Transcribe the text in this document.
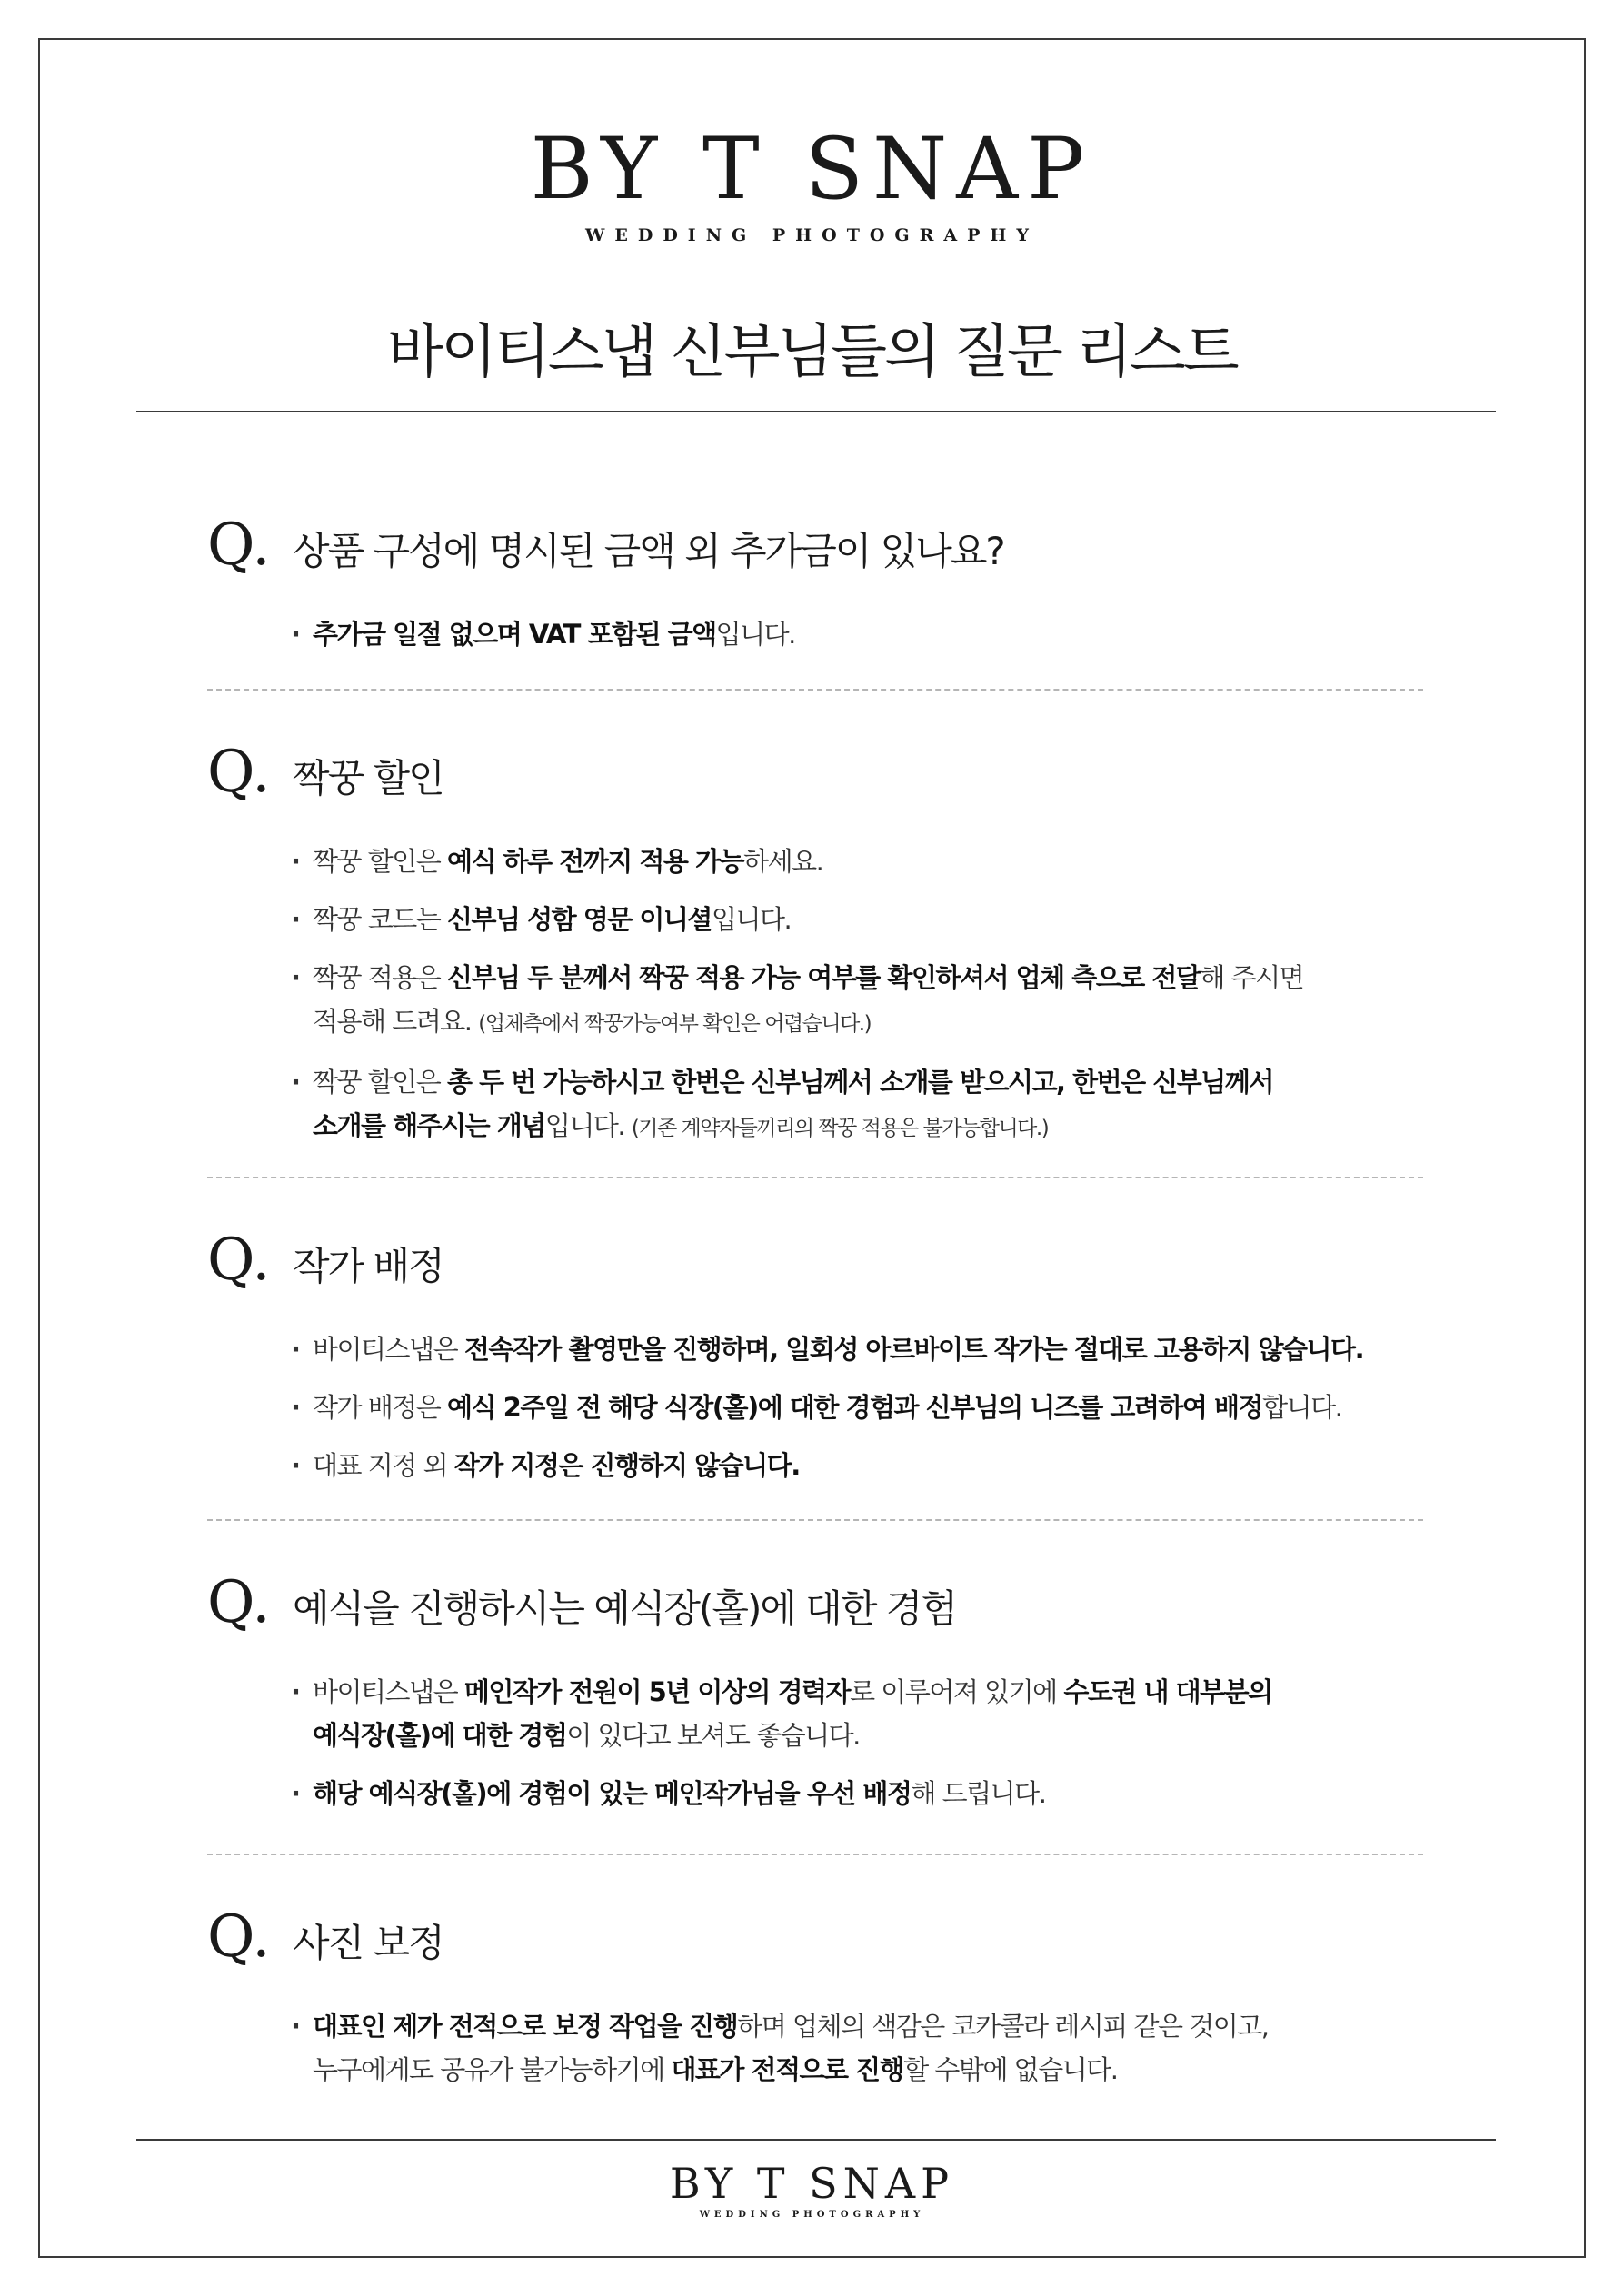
BY T SNAP
WEDDING PHOTOGRAPHY
바이티스냅 신부님들의 질문 리스트
Q. 상품 구성에 명시된 금액 외 추가금이 있나요?
· 추가금 일절 없으며 VAT 포함된 금액입니다.
Q. 짝꿍 할인
· 짝꿍 할인은 예식 하루 전까지 적용 가능하세요.
· 짝꿍 코드는 신부님 성함 영문 이니셜입니다.
· 짝꿍 적용은 신부님 두 분께서 짝꿍 적용 가능 여부를 확인하셔서 업체 측으로 전달해 주시면
적용해 드려요. (업체측에서 짝꿍가능여부 확인은 어렵습니다.)
· 짝꿍 할인은 총 두 번 가능하시고 한번은 신부님께서 소개를 받으시고, 한번은 신부님께서
소개를 해주시는 개념입니다. (기존 계약자들끼리의 짝꿍 적용은 불가능합니다.)
Q. 작가 배정
· 바이티스냅은 전속작가 촬영만을 진행하며, 일회성 아르바이트 작가는 절대로 고용하지 않습니다.
· 작가 배정은 예식 2주일 전 해당 식장(홀)에 대한 경험과 신부님의 니즈를 고려하여 배정합니다.
· 대표 지정 외 작가 지정은 진행하지 않습니다.
Q. 예식을 진행하시는 예식장(홀)에 대한 경험
· 바이티스냅은 메인작가 전원이 5년 이상의 경력자로 이루어져 있기에 수도권 내 대부분의
예식장(홀)에 대한 경험이 있다고 보셔도 좋습니다.
· 해당 예식장(홀)에 경험이 있는 메인작가님을 우선 배정해 드립니다.
Q. 사진 보정
· 대표인 제가 전적으로 보정 작업을 진행하며 업체의 색감은 코카콜라 레시피 같은 것이고,
누구에게도 공유가 불가능하기에 대표가 전적으로 진행할 수밖에 없습니다.
BY T SNAP
WEDDING PHOTOGRAPHY
